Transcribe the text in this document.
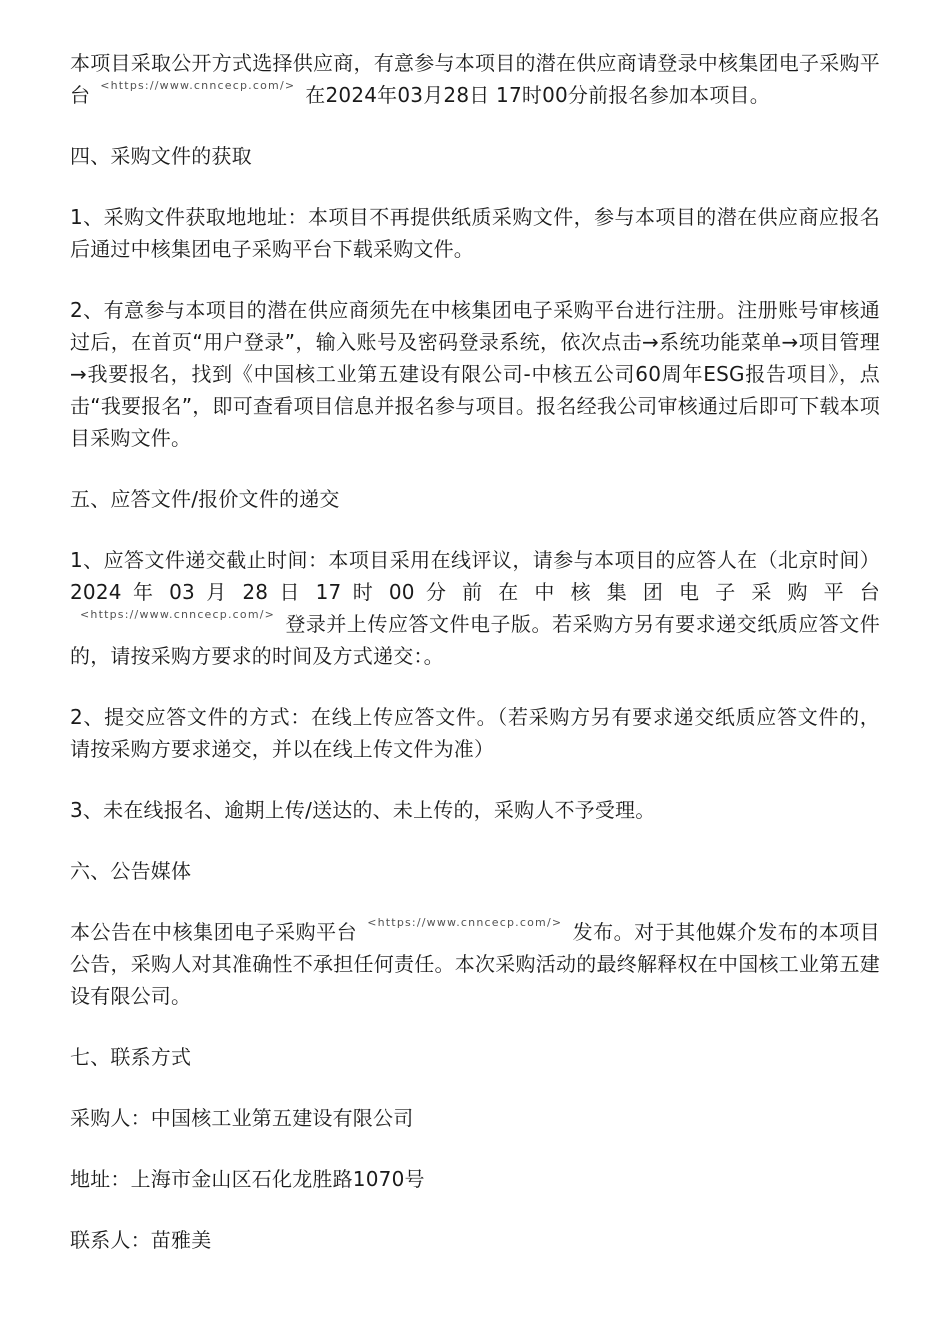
本项目采取公开方式选择供应商，有意参与本项目的潜在供应商请登录中核集团电子采购平台 <https://www.cnncecp.com/> 在2024年03月28日 17时00分前报名参加本项目。

四、采购文件的获取

1、采购文件获取地地址：本项目不再提供纸质采购文件，参与本项目的潜在供应商应报名后通过中核集团电子采购平台下载采购文件。

2、有意参与本项目的潜在供应商须先在中核集团电子采购平台进行注册。注册账号审核通过后，在首页“用户登录”，输入账号及密码登录系统，依次点击→系统功能菜单→项目管理→我要报名，找到《中国核工业第五建设有限公司-中核五公司60周年ESG报告项目》，点击“我要报名”，即可查看项目信息并报名参与项目。报名经我公司审核通过后即可下载本项目采购文件。

五、应答文件/报价文件的递交

1、应答文件递交截止时间：本项目采用在线评议，请参与本项目的应答人在（北京时间） 2024 年 03 月 28 日 17 时 00 分 前 在 中 核 集 团 电 子 采 购 平 台<https://www.cnncecp.com/> 登录并上传应答文件电子版。若采购方另有要求递交纸质应答文件的，请按采购方要求的时间及方式递交：。

2、提交应答文件的方式：在线上传应答文件。（若采购方另有要求递交纸质应答文件的，请按采购方要求递交，并以在线上传文件为准）

3、未在线报名、逾期上传/送达的、未上传的，采购人不予受理。

六、公告媒体

本公告在中核集团电子采购平台 <https://www.cnncecp.com/> 发布。对于其他媒介发布的本项目公告，采购人对其准确性不承担任何责任。本次采购活动的最终解释权在中国核工业第五建设有限公司。

七、联系方式

采购人：中国核工业第五建设有限公司

地址：上海市金山区石化龙胜路1070号

联系人：苗雅美
